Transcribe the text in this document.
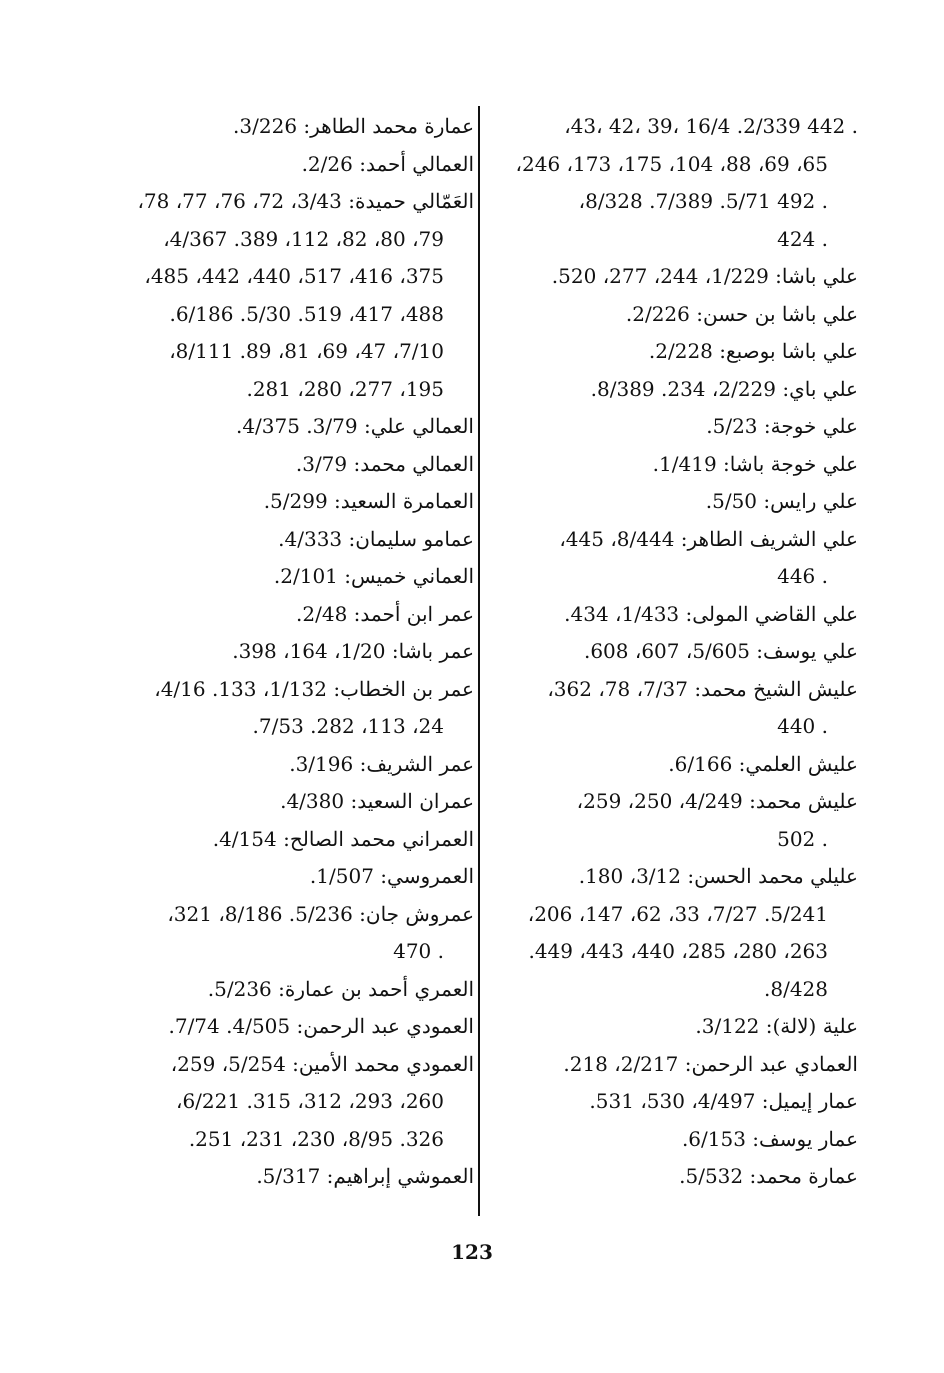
. 442 2/339. 16/4 ،39 ،42 ،43،
65، 69، 88، 104، 175، 173، 246،
. 492 5/71. 7/389. 8/328،
. 424
علي باشا: 1/229، 244، 277، 520.
علي باشا بن حسن: 2/226.
علي باشا بوصبع: 2/228.
علي باي: 2/229، 234. 8/389.
علي خوجة: 5/23.
علي خوجة باشا: 1/419.
علي رايس: 5/50.
علي الشريف الطاهر: 8/444، 445،
. 446
علي القاضي المولى: 1/433، 434.
علي يوسف: 5/605، 607، 608.
عليش الشيخ محمد: 7/37، 78، 362،
. 440
عليش العلمي: 6/166.
عليش محمد: 4/249، 250، 259،
. 502
عليلي محمد الحسن: 3/12، 180.
5/241. 7/27، 33، 62، 147، 206،
263، 280، 285، 440، 443، 449.
8/428.
علية (لالة): 3/122.
العمادي عبد الرحمن: 2/217، 218.
عمار إيميل: 4/497، 530، 531.
عمار يوسف: 6/153.
عمارة محمد: 5/532.
عمارة محمد الطاهر: 3/226.
العمالي أحمد: 2/26.
العَمّالي حميدة: 3/43، 72، 76، 77، 78،
79، 80، 82، 112، 389. 4/367،
375، 416، 517، 440، 442، 485،
488، 417، 519. 5/30. 6/186.
7/10، 47، 69، 81، 89. 8/111،
195، 277، 280، 281.
العمالي علي: 3/79. 4/375.
العمالي محمد: 3/79.
العمامرة السعيد: 5/299.
عمامو سليمان: 4/333.
العماني خميس: 2/101.
عمر ابن أحمد: 2/48.
عمر باشا: 1/20، 164، 398.
عمر بن الخطاب: 1/132، 133. 4/16،
24، 113، 282. 7/53.
عمر الشريف: 3/196.
عمران السعيد: 4/380.
العمراني محمد الصالح: 4/154.
العمروسي: 1/507.
عمروش جان: 5/236. 8/186، 321،
. 470
العمري أحمد بن عمارة: 5/236.
العمودي عبد الرحمن: 4/505. 7/74.
العمودي محمد الأمين: 5/254، 259،
260، 293، 312، 315. 6/221،
326. 8/95، 230، 231، 251.
العموشي إبراهيم: 5/317.
123
